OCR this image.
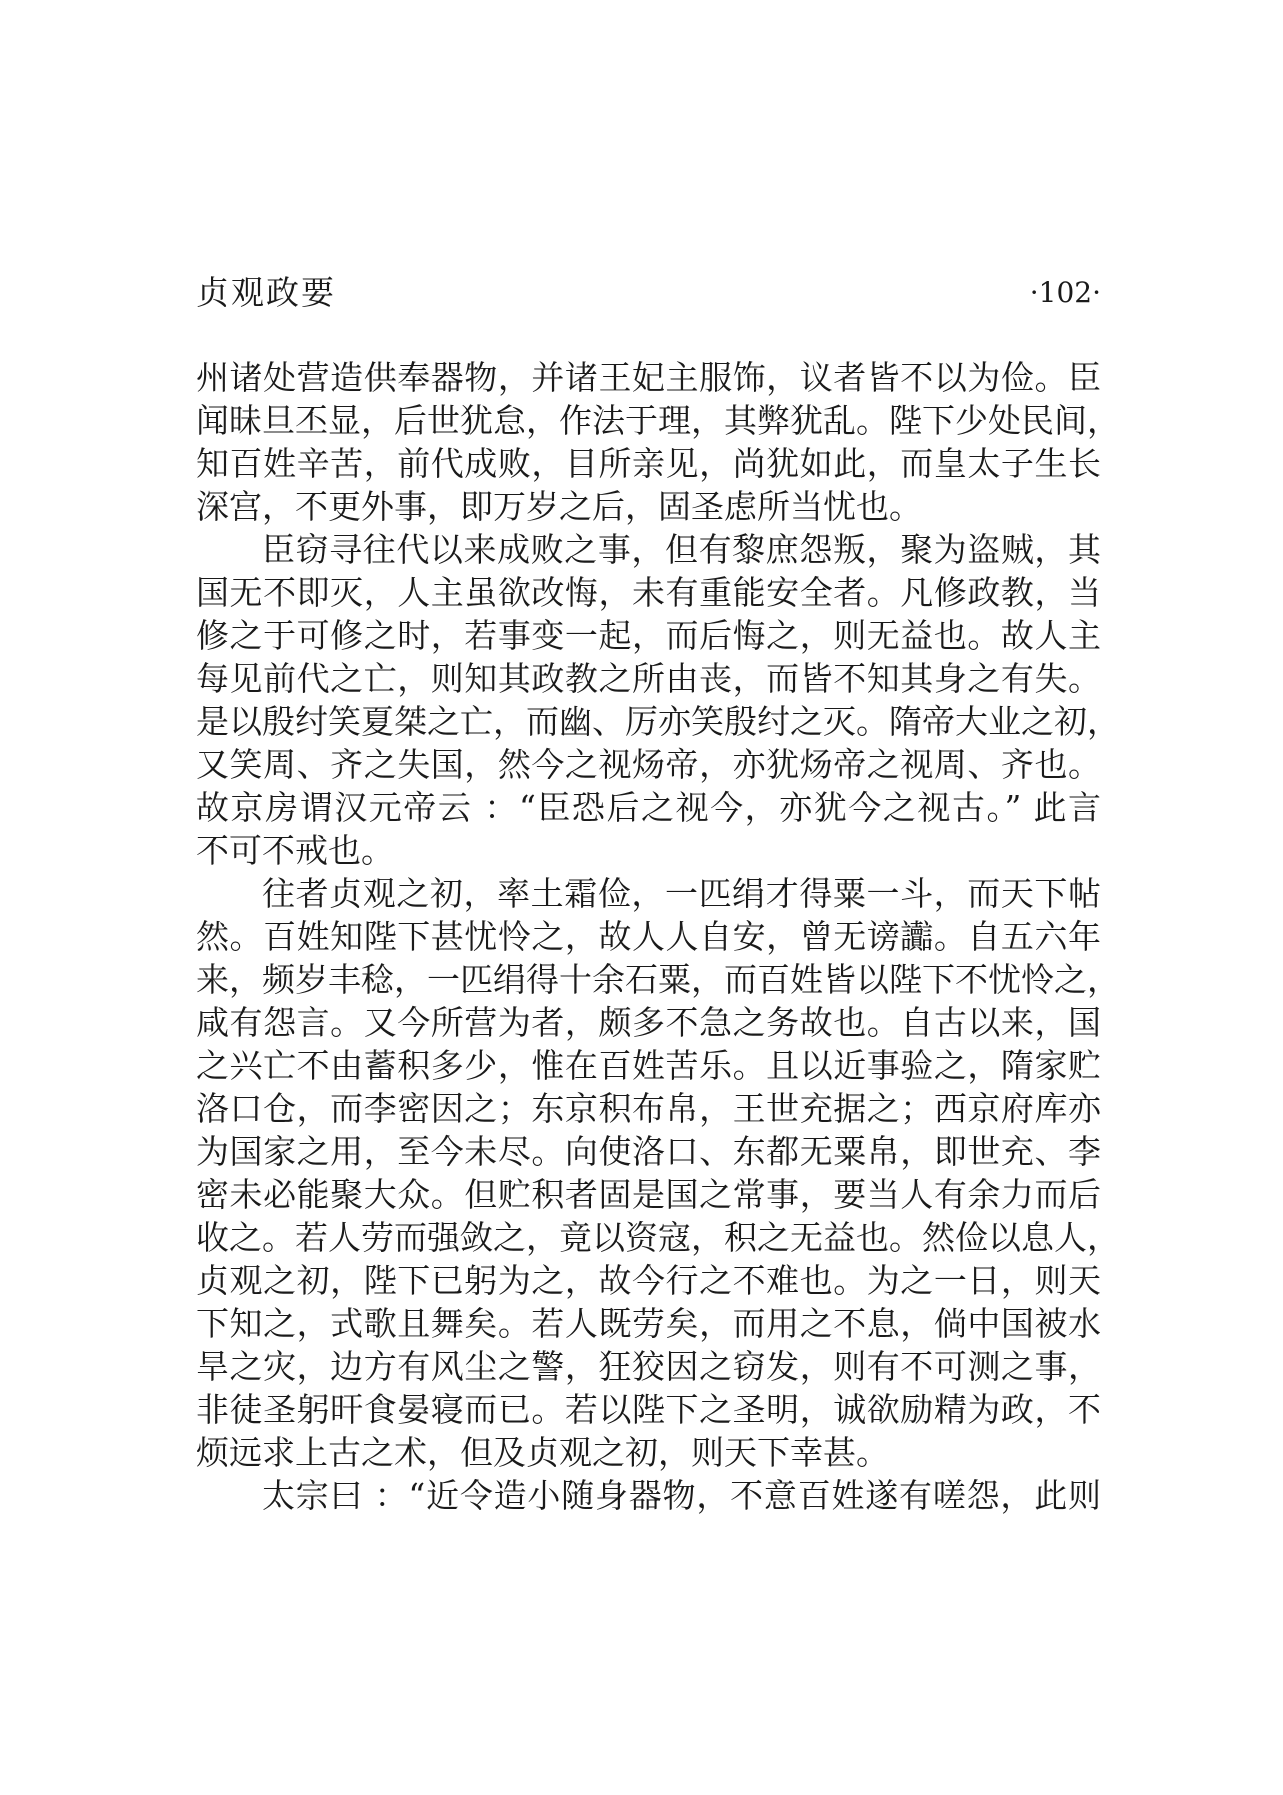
贞观政要	·102·
州诸处营造供奉器物，并诸王妃主服饰，议者皆不以为俭。臣
闻昧旦丕显，后世犹怠，作法于理，其弊犹乱。陛下少处民间，
知百姓辛苦，前代成败，目所亲见，尚犹如此，而皇太子生长
深宫，不更外事，即万岁之后，固圣虑所当忧也。
臣窃寻往代以来成败之事，但有黎庶怨叛，聚为盗贼，其
国无不即灭，人主虽欲改悔，未有重能安全者。凡修政教，当
修之于可修之时，若事变一起，而后悔之，则无益也。故人主
每见前代之亡，则知其政教之所由丧，而皆不知其身之有失。
是以殷纣笑夏桀之亡，而幽、厉亦笑殷纣之灭。隋帝大业之初，
又笑周、齐之失国，然今之视炀帝，亦犹炀帝之视周、齐也。
故京房谓汉元帝云 ：“臣恐后之视今，亦犹今之视古。” 此言
不可不戒也。
往者贞观之初，率土霜俭，一匹绢才得粟一斗，而天下帖
然。百姓知陛下甚忧怜之，故人人自安，曾无谤讟。自五六年
来，频岁丰稔，一匹绢得十余石粟，而百姓皆以陛下不忧怜之，
咸有怨言。又今所营为者，颇多不急之务故也。自古以来，国
之兴亡不由蓄积多少，惟在百姓苦乐。且以近事验之，隋家贮
洛口仓，而李密因之；东京积布帛，王世充据之；西京府库亦
为国家之用，至今未尽。向使洛口、东都无粟帛，即世充、李
密未必能聚大众。但贮积者固是国之常事，要当人有余力而后
收之。若人劳而强敛之，竟以资寇，积之无益也。然俭以息人，
贞观之初，陛下已躬为之，故今行之不难也。为之一日，则天
下知之，式歌且舞矣。若人既劳矣，而用之不息，倘中国被水
旱之灾，边方有风尘之警，狂狡因之窃发，则有不可测之事，
非徒圣躬旰食晏寝而已。若以陛下之圣明，诚欲励精为政，不
烦远求上古之术，但及贞观之初，则天下幸甚。
太宗曰 ：“近令造小随身器物，不意百姓遂有嗟怨，此则
